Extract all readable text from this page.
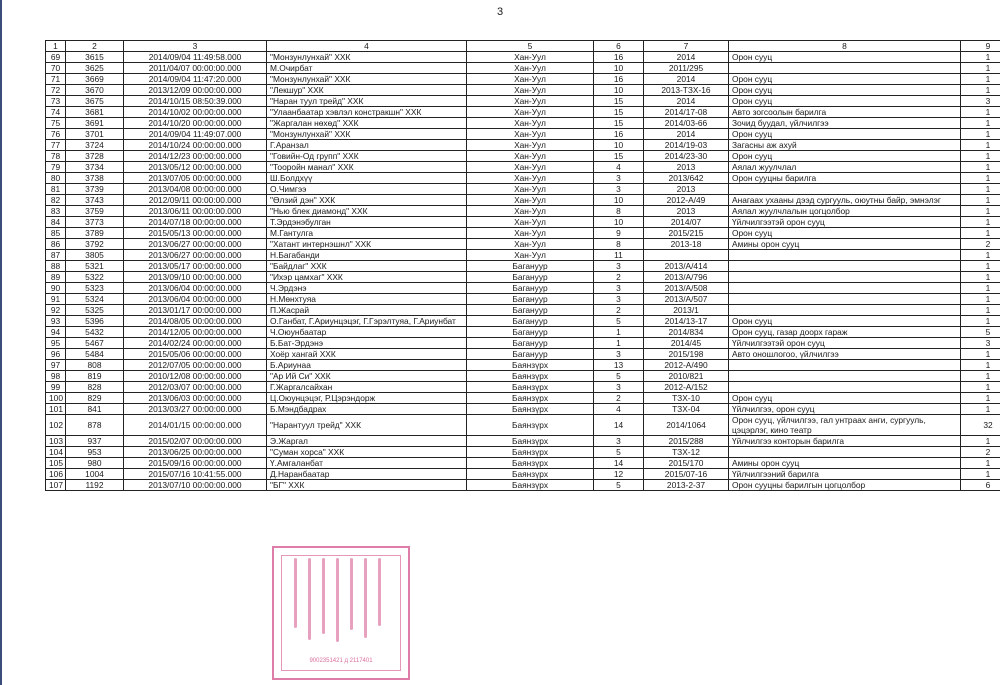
3
1	2	3	4	5	6	7	8	9
69	3615	2014/09/04 11:49:58.000	"Монзунлунхай" ХХК	Хан-Уул	16	2014	Орон сууц	1
70	3625	2011/04/07 00:00:00.000	М.Очирбат	Хан-Уул	10	2011/295		1
71	3669	2014/09/04 11:47:20.000	"Монзунлунхай" ХХК	Хан-Уул	16	2014	Орон сууц	1
72	3670	2013/12/09 00:00:00.000	"Лекшур" ХХК	Хан-Уул	10	2013-ТЗХ-16	Орон сууц	1
73	3675	2014/10/15 08:50:39.000	"Наран туул трейд" ХХК	Хан-Уул	15	2014	Орон сууц	3
74	3681	2014/10/02 00:00:00.000	"Улаанбаатар хэвлэл констракшн" ХХК	Хан-Уул	15	2014/17-08	Авто зогсоолын барилга	1
75	3691	2014/10/20 00:00:00.000	"Жаргалан нөхөд" ХХК	Хан-Уул	15	2014/03-66	Зочид буудал, үйлчилгээ	1
76	3701	2014/09/04 11:49:07.000	"Монзунлунхай" ХХК	Хан-Уул	16	2014	Орон сууц	1
77	3724	2014/10/24 00:00:00.000	Г.Аранзал	Хан-Уул	10	2014/19-03	Загасны аж ахуй	1
78	3728	2014/12/23 00:00:00.000	"Говийн-Од групп" ХХК	Хан-Уул	15	2014/23-30	Орон сууц	1
79	3734	2013/05/12 00:00:00.000	"Тооройн манал" ХХК	Хан-Уул	4	2013	Аялал жуулчлал	1
80	3738	2013/07/05 00:00:00.000	Ш.Болдхүү	Хан-Уул	3	2013/642	Орон сууцны барилга	1
81	3739	2013/04/08 00:00:00.000	О.Чимгээ	Хан-Уул	3	2013		1
82	3743	2012/09/11 00:00:00.000	"Өлзий дэн" ХХК	Хан-Уул	10	2012-А/49	Анагаах ухааны дээд сургууль, оюутны байр, эмнэлэг	1
83	3759	2013/06/11 00:00:00.000	"Нью блек диамонд" ХХК	Хан-Уул	8	2013	Аялал жуулчлалын цогцолбор	1
84	3773	2014/07/18 00:00:00.000	Т.Эрдэнэбулган	Хан-Уул	10	2014/07	Үйлчилгээтэй орон сууц	1
85	3789	2015/05/13 00:00:00.000	М.Гантулга	Хан-Уул	9	2015/215	Орон сууц	1
86	3792	2013/06/27 00:00:00.000	"Хатант интернэшнл" ХХК	Хан-Уул	8	2013-18	Амины орон сууц	2
87	3805	2013/06/27 00:00:00.000	Н.Багабанди	Хан-Уул	11			1
88	5321	2013/05/17 00:00:00.000	"Байдлаг" ХХК	Багануур	3	2013/А/414		1
89	5322	2013/09/10 00:00:00.000	"Ихэр цамхаг" ХХК	Багануур	2	2013/А/796		1
90	5323	2013/06/04 00:00:00.000	Ч.Эрдэнэ	Багануур	3	2013/А/508		1
91	5324	2013/06/04 00:00:00.000	Н.Мөнхтуяа	Багануур	3	2013/А/507		1
92	5325	2013/01/17 00:00:00.000	П.Жасрай	Багануур	2	2013/1		1
93	5396	2014/08/05 00:00:00.000	О.Ганбат, Г.Ариунцэцэг, Г.Гэрэлтуяа, Г.Ариунбат	Багануур	5	2014/13-17	Орон сууц	1
94	5432	2014/12/05 00:00:00.000	Ч.Оюунбаатар	Багануур	1	2014/834	Орон сууц, газар доорх гараж	5
95	5467	2014/02/24 00:00:00.000	Б.Бат-Эрдэнэ	Багануур	1	2014/45	Үйлчилгээтэй орон сууц	3
96	5484	2015/05/06 00:00:00.000	Хоёр хангай ХХК	Багануур	3	2015/198	Авто оношлогоо, үйлчилгээ	1
97	808	2012/07/05 00:00:00.000	Б.Ариунаа	Баянзүрх	13	2012-А/490		1
98	819	2010/12/08 00:00:00.000	"Ар Ий Си" ХХК	Баянзүрх	5	2010/821		1
99	828	2012/03/07 00:00:00.000	Г.Жаргалсайхан	Баянзүрх	3	2012-А/152		1
100	829	2013/06/03 00:00:00.000	Ц.Оюунцэцэг, Р.Цэрэндорж	Баянзүрх	2	ТЗХ-10	Орон сууц	1
101	841	2013/03/27 00:00:00.000	Б.Мэндбадрах	Баянзүрх	4	ТЗХ-04	Үйлчилгээ, орон сууц	1
102	878	2014/01/15 00:00:00.000	"Нарантуул трейд" ХХК	Баянзүрх	14	2014/1064	Орон сууц, үйлчилгээ, гал унтраах анги, сургууль, цэцэрлэг, кино театр	32
103	937	2015/02/07 00:00:00.000	Э.Жаргал	Баянзүрх	3	2015/288	Үйлчилгээ конторын барилга	1
104	953	2013/06/25 00:00:00.000	"Суман хорса" ХХК	Баянзүрх	5	ТЗХ-12		2
105	980	2015/09/16 00:00:00.000	Ү.Амгаланбат	Баянзүрх	14	2015/170	Амины орон сууц	1
106	1004	2015/07/16 10:41:55.000	Д.Наранбаатар	Баянзүрх	12	2015/07-16	Үйлчилгээний барилга	1
107	1192	2013/07/10 00:00:00.000	"БГ" ХХК	Баянзүрх	5	2013-2-37	Орон сууцны барилгын цогцолбор	6
9002351421 д 2117401
